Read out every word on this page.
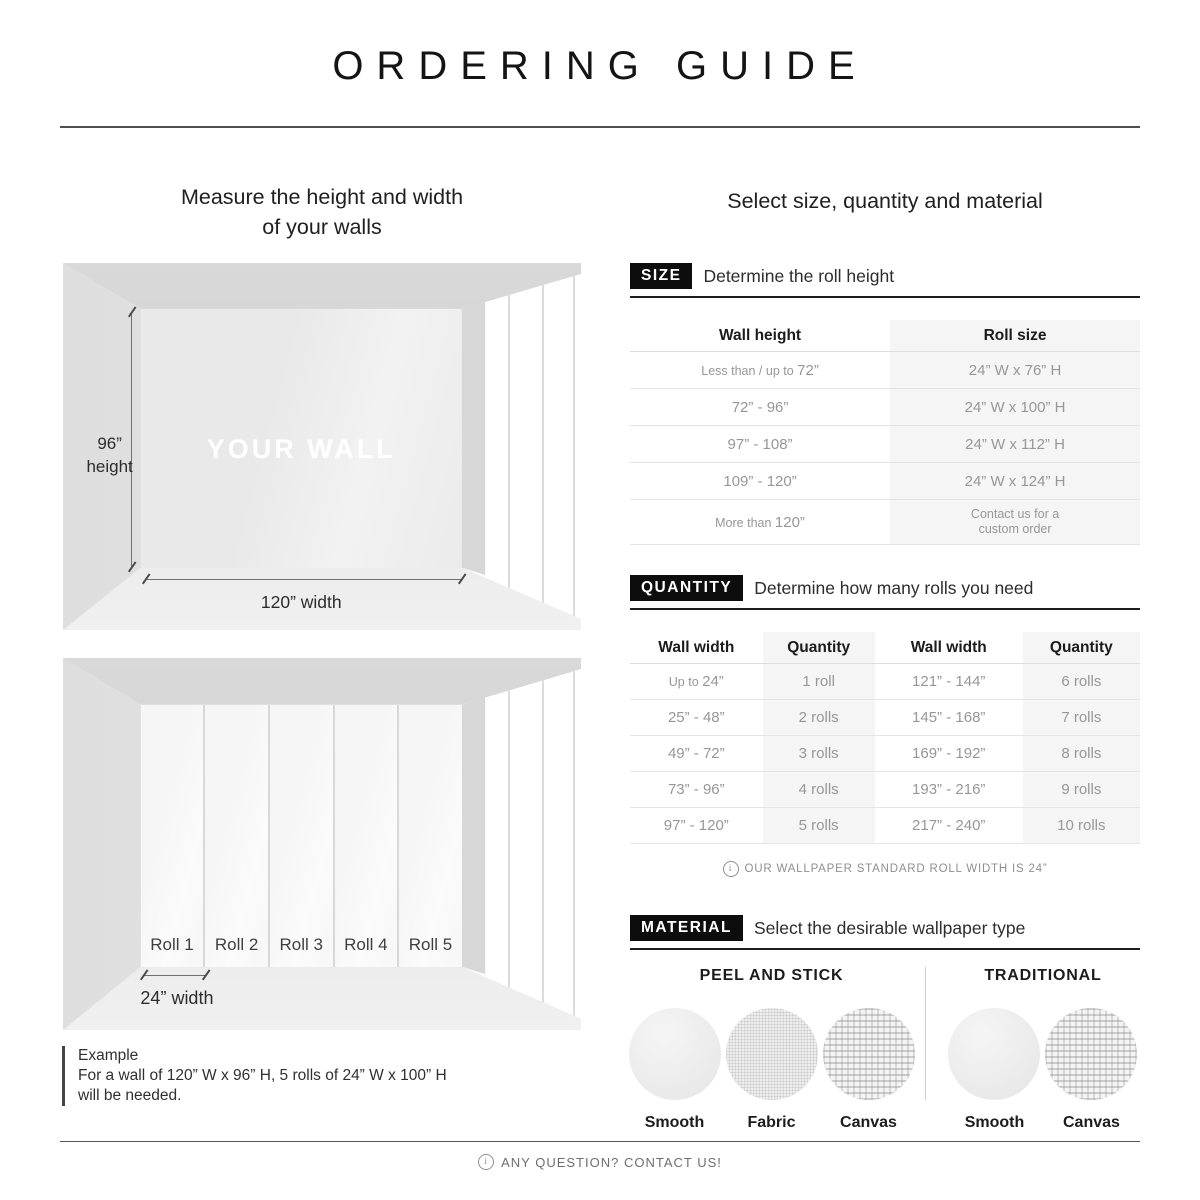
ORDERING GUIDE
Measure the height and width
of your walls
Select size, quantity and material
YOUR WALL
96”
height
120” width
Roll 1 Roll 2 Roll 3 Roll 4 Roll 5
24” width
Example
For a wall of 120” W x 96” H, 5 rolls of 24” W x 100” H
will be needed.
SIZE	Determine the roll height
Wall height	Roll size
Less than / up to 72”	24” W x 76” H
72” - 96”	24” W x 100” H
97” - 108”	24” W x 112” H
109” - 120”	24” W x 124” H
More than 120”	Contact us for a custom order
QUANTITY	Determine how many rolls you need
Wall width	Quantity	Wall width	Quantity
Up to 24”	1 roll	121” - 144”	6 rolls
25” - 48”	2 rolls	145” - 168”	7 rolls
49” - 72”	3 rolls	169” - 192”	8 rolls
73” - 96”	4 rolls	193” - 216”	9 rolls
97” - 120”	5 rolls	217” - 240”	10 rolls
i	OUR WALLPAPER STANDARD ROLL WIDTH IS 24”
MATERIAL	Select the desirable wallpaper type
PEEL AND STICK
Smooth	Fabric	Canvas
TRADITIONAL
Smooth Canvas
i	ANY QUESTION? CONTACT US!
